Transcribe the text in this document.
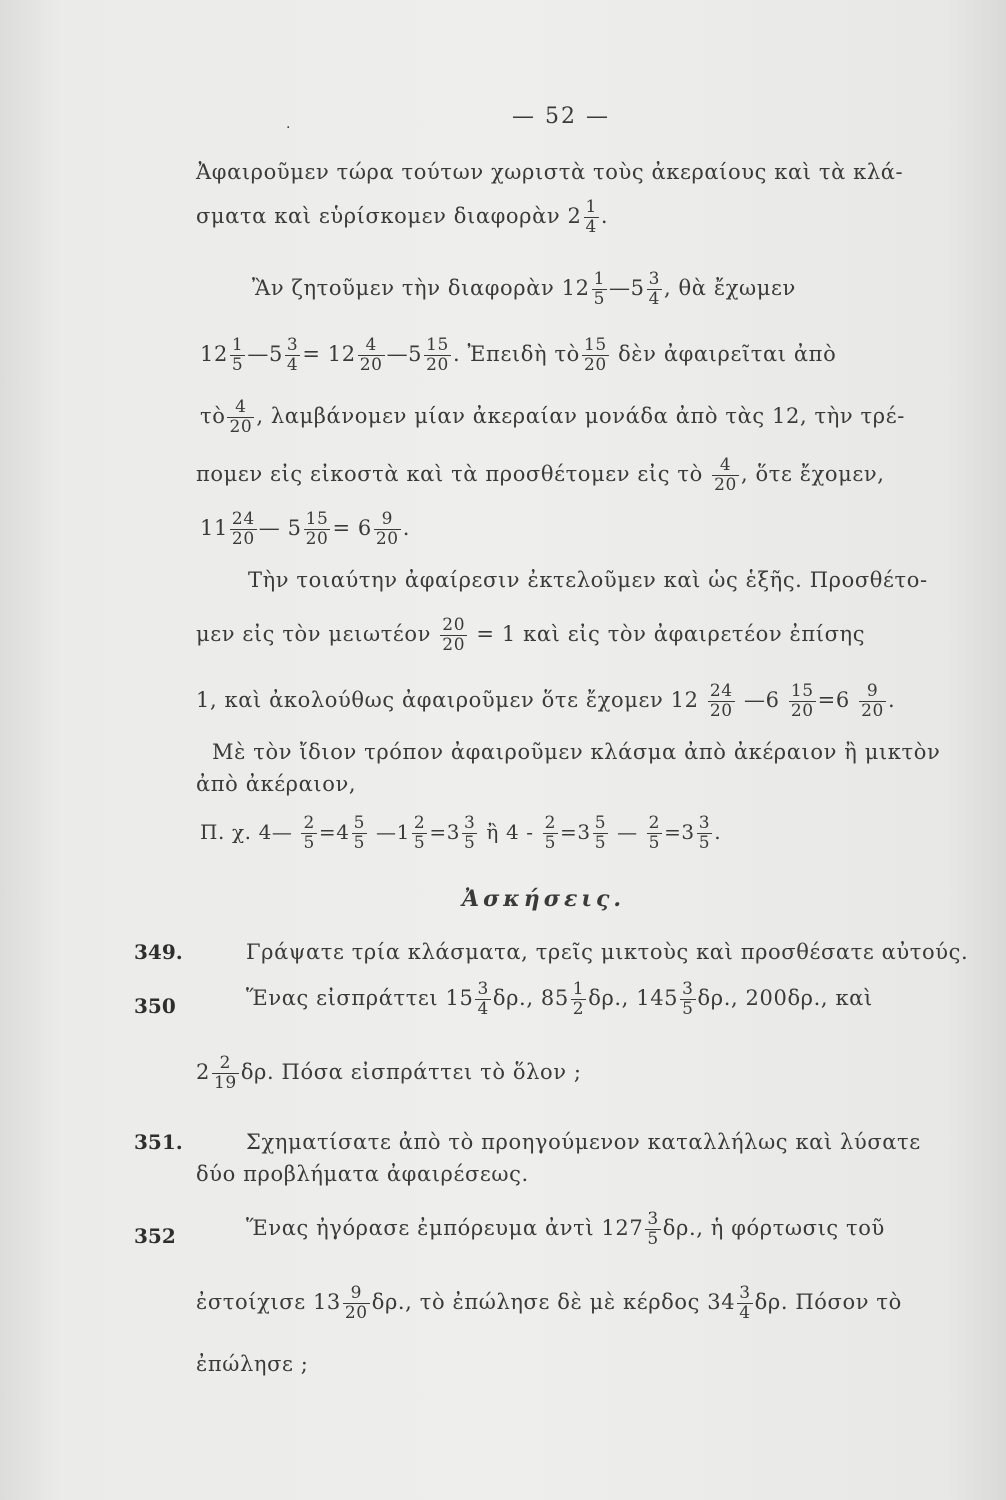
.	— 52 —
Ἀφαιροῦμεν τώρα τούτων χωριστὰ τοὺς ἀκεραίους καὶ τὰ κλά-
σματα καὶ εὑρίσκομεν διαφορὰν $2 \frac{1}{4}$ .
Ἂν ζητοῦμεν τὴν διαφορὰν $12 \frac{1}{5}$ —5 $\frac{3}{4}$ , θὰ ἔχωμεν
$12 \frac{1}{5}$ —5 $\frac{3}{4} = 12 \frac{4}{20}$ —5 $\frac{15}{20}$ . Ἐπειδὴ τὸ $\frac{15}{20}$ δὲν ἀφαιρεῖται ἀπὸ
τὸ $\frac{4}{20}$ , λαμβάνομεν μίαν ἀκεραίαν μονάδα ἀπὸ τὰς 12, τὴν τρέ-
πομεν εἰς εἰκοστὰ καὶ τὰ προσθέτομεν εἰς τὸ $\frac{4}{20}$ , ὅτε ἔχομεν,
$11 \frac{24}{20}$ — $5 \frac{15}{20} = 6 \frac{9}{20}$ .
Τὴν τοιαύτην ἀφαίρεσιν ἐκτελοῦμεν καὶ ὡς ἑξῆς. Προσθέτο-
μεν εἰς τὸν μειωτέον $\frac{20}{20} = 1$ καὶ εἰς τὸν ἀφαιρετέον ἐπίσης
1, καὶ ἀκολούθως ἀφαιροῦμεν ὅτε ἔχομεν $12 \frac{24}{20}$ —6 $\frac{15}{20} =6 \frac{9}{20}$ .
Μὲ τὸν ἴδιον τρόπον ἀφαιροῦμεν κλάσμα ἀπὸ ἀκέραιον ἢ μικτὸν
ἀπὸ ἀκέραιον,
Π. χ. 4— $\frac{2}{5} =4 \frac{5}{5}$ —1 $\frac{2}{5} =3 \frac{3}{5}$ ἢ $4 - \frac{2}{5} =3 \frac{5}{5}$ — $\frac{2}{5} =3 \frac{3}{5}$ .
Ἀσκήσεις.
349.	Γράψατε τρία κλάσματα, τρεῖς μικτοὺς καὶ προσθέσατε αὐτούς.
350	Ἕνας εἰσπράττει $15 \frac{3}{4} \delta\rho$., $85 \frac{1}{2} \delta\rho$., $145 \frac{3}{5} \delta\rho$., 200δρ., καὶ
$2 \frac{2}{19} \delta\rho$. Πόσα εἰσπράττει τὸ ὅλον ;
351.	Σχηματίσατε ἀπὸ τὸ προηγούμενον καταλλήλως καὶ λύσατε
δύο προβλήματα ἀφαιρέσεως.
352	Ἕνας ἠγόρασε ἐμπόρευμα ἀντὶ $127 \frac{3}{5} \delta\rho$., ἡ φόρτωσις τοῦ
ἐστοίχισε $13 \frac{9}{20} \delta\rho$., τὸ ἐπώλησε δὲ μὲ κέρδος $34 \frac{3}{4} \delta\rho$. Πόσον τὸ
ἐπώλησε ;
